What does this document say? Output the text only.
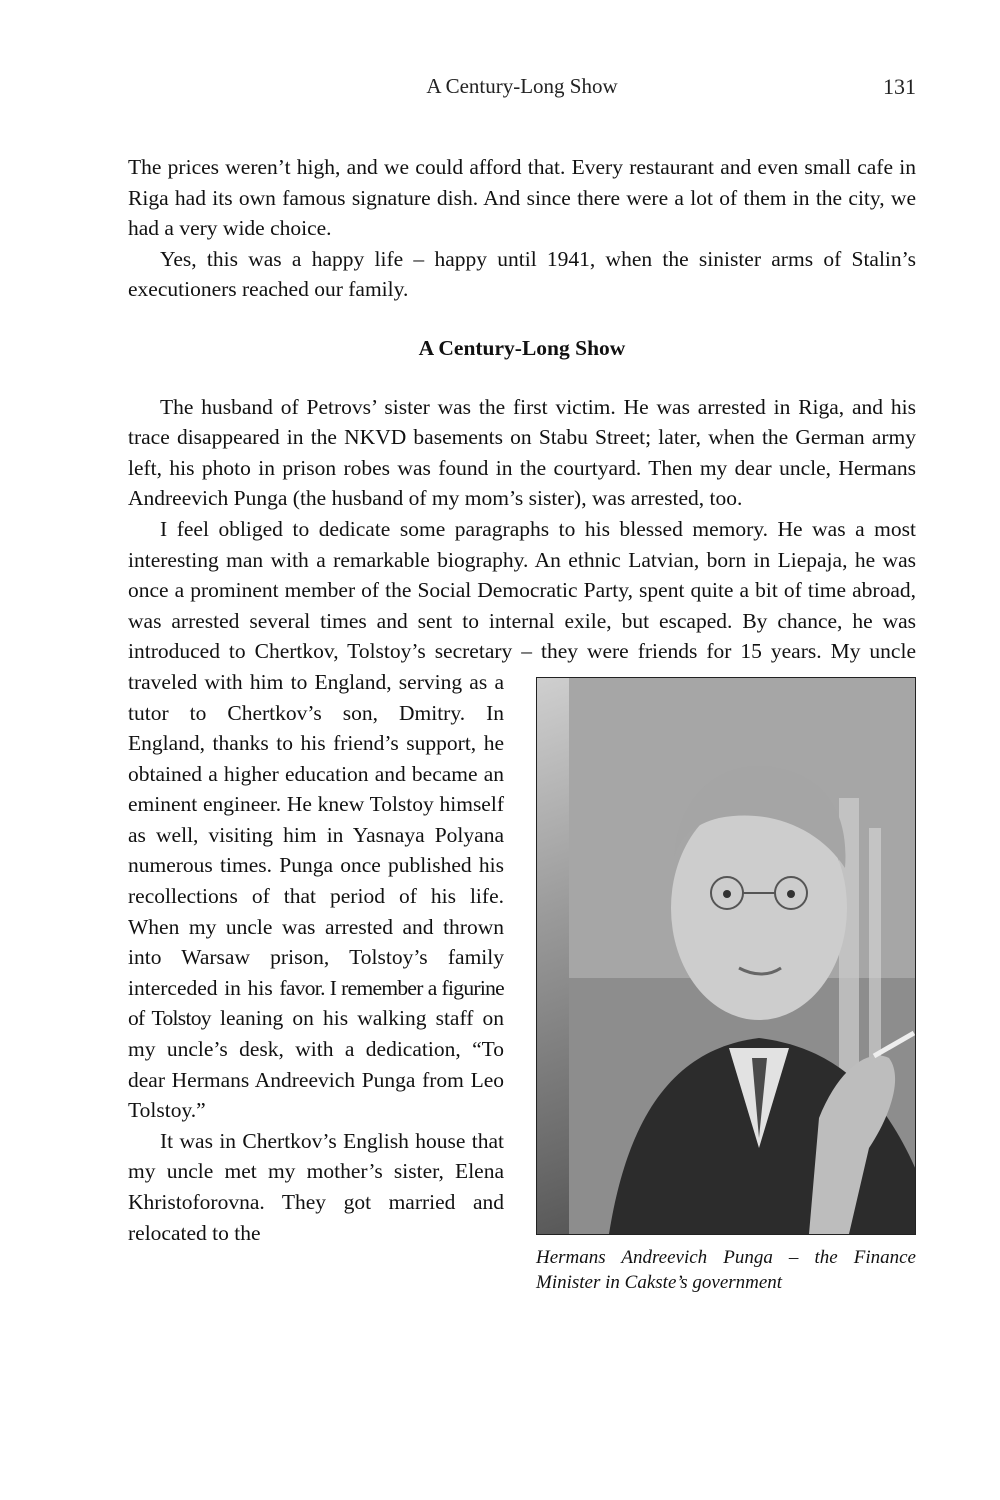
A Century-Long Show	131

The prices weren’t high, and we could afford that. Every restaurant and even small cafe in Riga had its own famous signature dish. And since there were a lot of them in the city, we had a very wide choice.

Yes, this was a happy life – happy until 1941, when the sinister arms of Stalin’s executioners reached our family.

A Century-Long Show

The husband of Petrovs’ sister was the first victim. He was arrested in Riga, and his trace disappeared in the NKVD basements on Stabu Street; later, when the German army left, his photo in prison robes was found in the courtyard. Then my dear uncle, Hermans Andreevich Punga (the husband of my mom’s sister), was arrested, too.

I feel obliged to dedicate some paragraphs to his blessed memory. He was a most interesting man with a remarkable biography. An ethnic Latvian, born in Liepaja, he was once a prominent member of the Social Democratic Party, spent quite a bit of time abroad, was arrested several times and sent to internal exile, but escaped. By chance, he was introduced to Chertkov, Tolstoy’s secretary – they were friends for 15 years. My uncle traveled with
Hermans Andreevich Punga – the Finance Minister in Cakste’s government
him to England, serving as a tutor to Chertkov’s son, Dmitry. In England, thanks to his friend’s support, he obtained a higher education and became an eminent engineer. He knew Tolstoy himself as well, visiting him in Yasnaya Polyana numerous times. Punga once published his recollections of that period of his life. When my uncle was arrested and thrown into Warsaw prison, Tolstoy’s family interceded in his favor. I remember a figurine of Tolstoy leaning on his walking staff on my uncle’s desk, with a dedication, “To dear Hermans Andreevich Punga from Leo Tolstoy.”

It was in Chertkov’s English house that my uncle met my mother’s sister, Elena Khristoforovna. They got married and relocated to the
